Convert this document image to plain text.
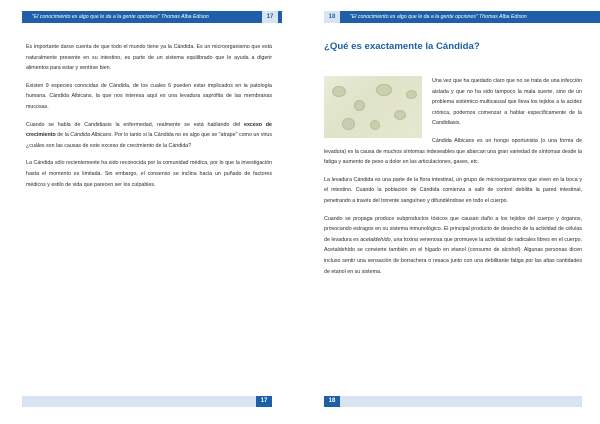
"El conocimiento es algo que le da a la gente opciones" Thomas Alba Edison	17

Es importante darse cuenta de que todo el mundo tiene ya la Cándida. Es un microorganismo que está naturalmente presente en su intestino, es parte de un sistema equilibrado que le ayuda a digerir alimentos para estar y sentirse bien.

Existen 9 especies conocidas de Cándida, de los cuales 6 pueden estar implicados en la patología humana. Cándida Albicans, la que nos interesa aquí es una levadura saprófita de las membranas mucosas.

Cuando se habla de Candidiasis la enfermedad, realmente se está hablando del exceso de crecimiento de la Cándida Albicans. Por lo tanto si la Cándida no es algo que se "atrape" como un virus ¿cuáles son las causas de este exceso de crecimiento de la Cándida?

La Cándida sólo recientemente ha sido reconocida por la comunidad médica, por lo que la investigación hasta el momento es limitada. Sin embargo, el consenso se inclina hacia un puñado de factores médicos y estilo de vida que parecen ser los culpables.

17
18	"El conocimiento es algo que le da a la gente opciones" Thomas Alba Edison
¿Qué es exactamente la Cándida?

Una vez que ha quedado claro que no se trata de una infección aislada y que no ha sido tampoco la mala suerte, sino de un problema sistémico multicausal que lleva los tejidos a la acidez crónica, podemos comenzar a hablar específicamente de la Candidiasis.

Cándida Albicans es un hongo oportunista (o una forma de levadura) es la causa de muchos síntomas indeseables que abarcan una gran variedad de síntomas desde la fatiga y aumento de peso a dolor en las articulaciones, gases, etc.

La levadura Cándida es una parte de la flora intestinal, un grupo de microorganismos que viven en la boca y el intestino. Cuando la población de Cándida comienza a salir de control debilita la pared intestinal, penetrando a través del torrente sanguíneo y difundiéndose en todo el cuerpo.

Cuando se propaga produce subproductos tóxicos que causan daño a los tejidos del cuerpo y órganos, provocando estragos en su sistema inmunológico. El principal producto de desecho de la actividad de células de levadura es acetaldehído, una toxina venenosa que promueve la actividad de radicales libres en el cuerpo. Acetaldehído se convierte también en el hígado en etanol (consumo de alcohol). Algunas personas dicen incluso sentir una sensación de borrachera o resaca junto con una debilitante fatiga por las altas cantidades de etanol en su sistema.

18
